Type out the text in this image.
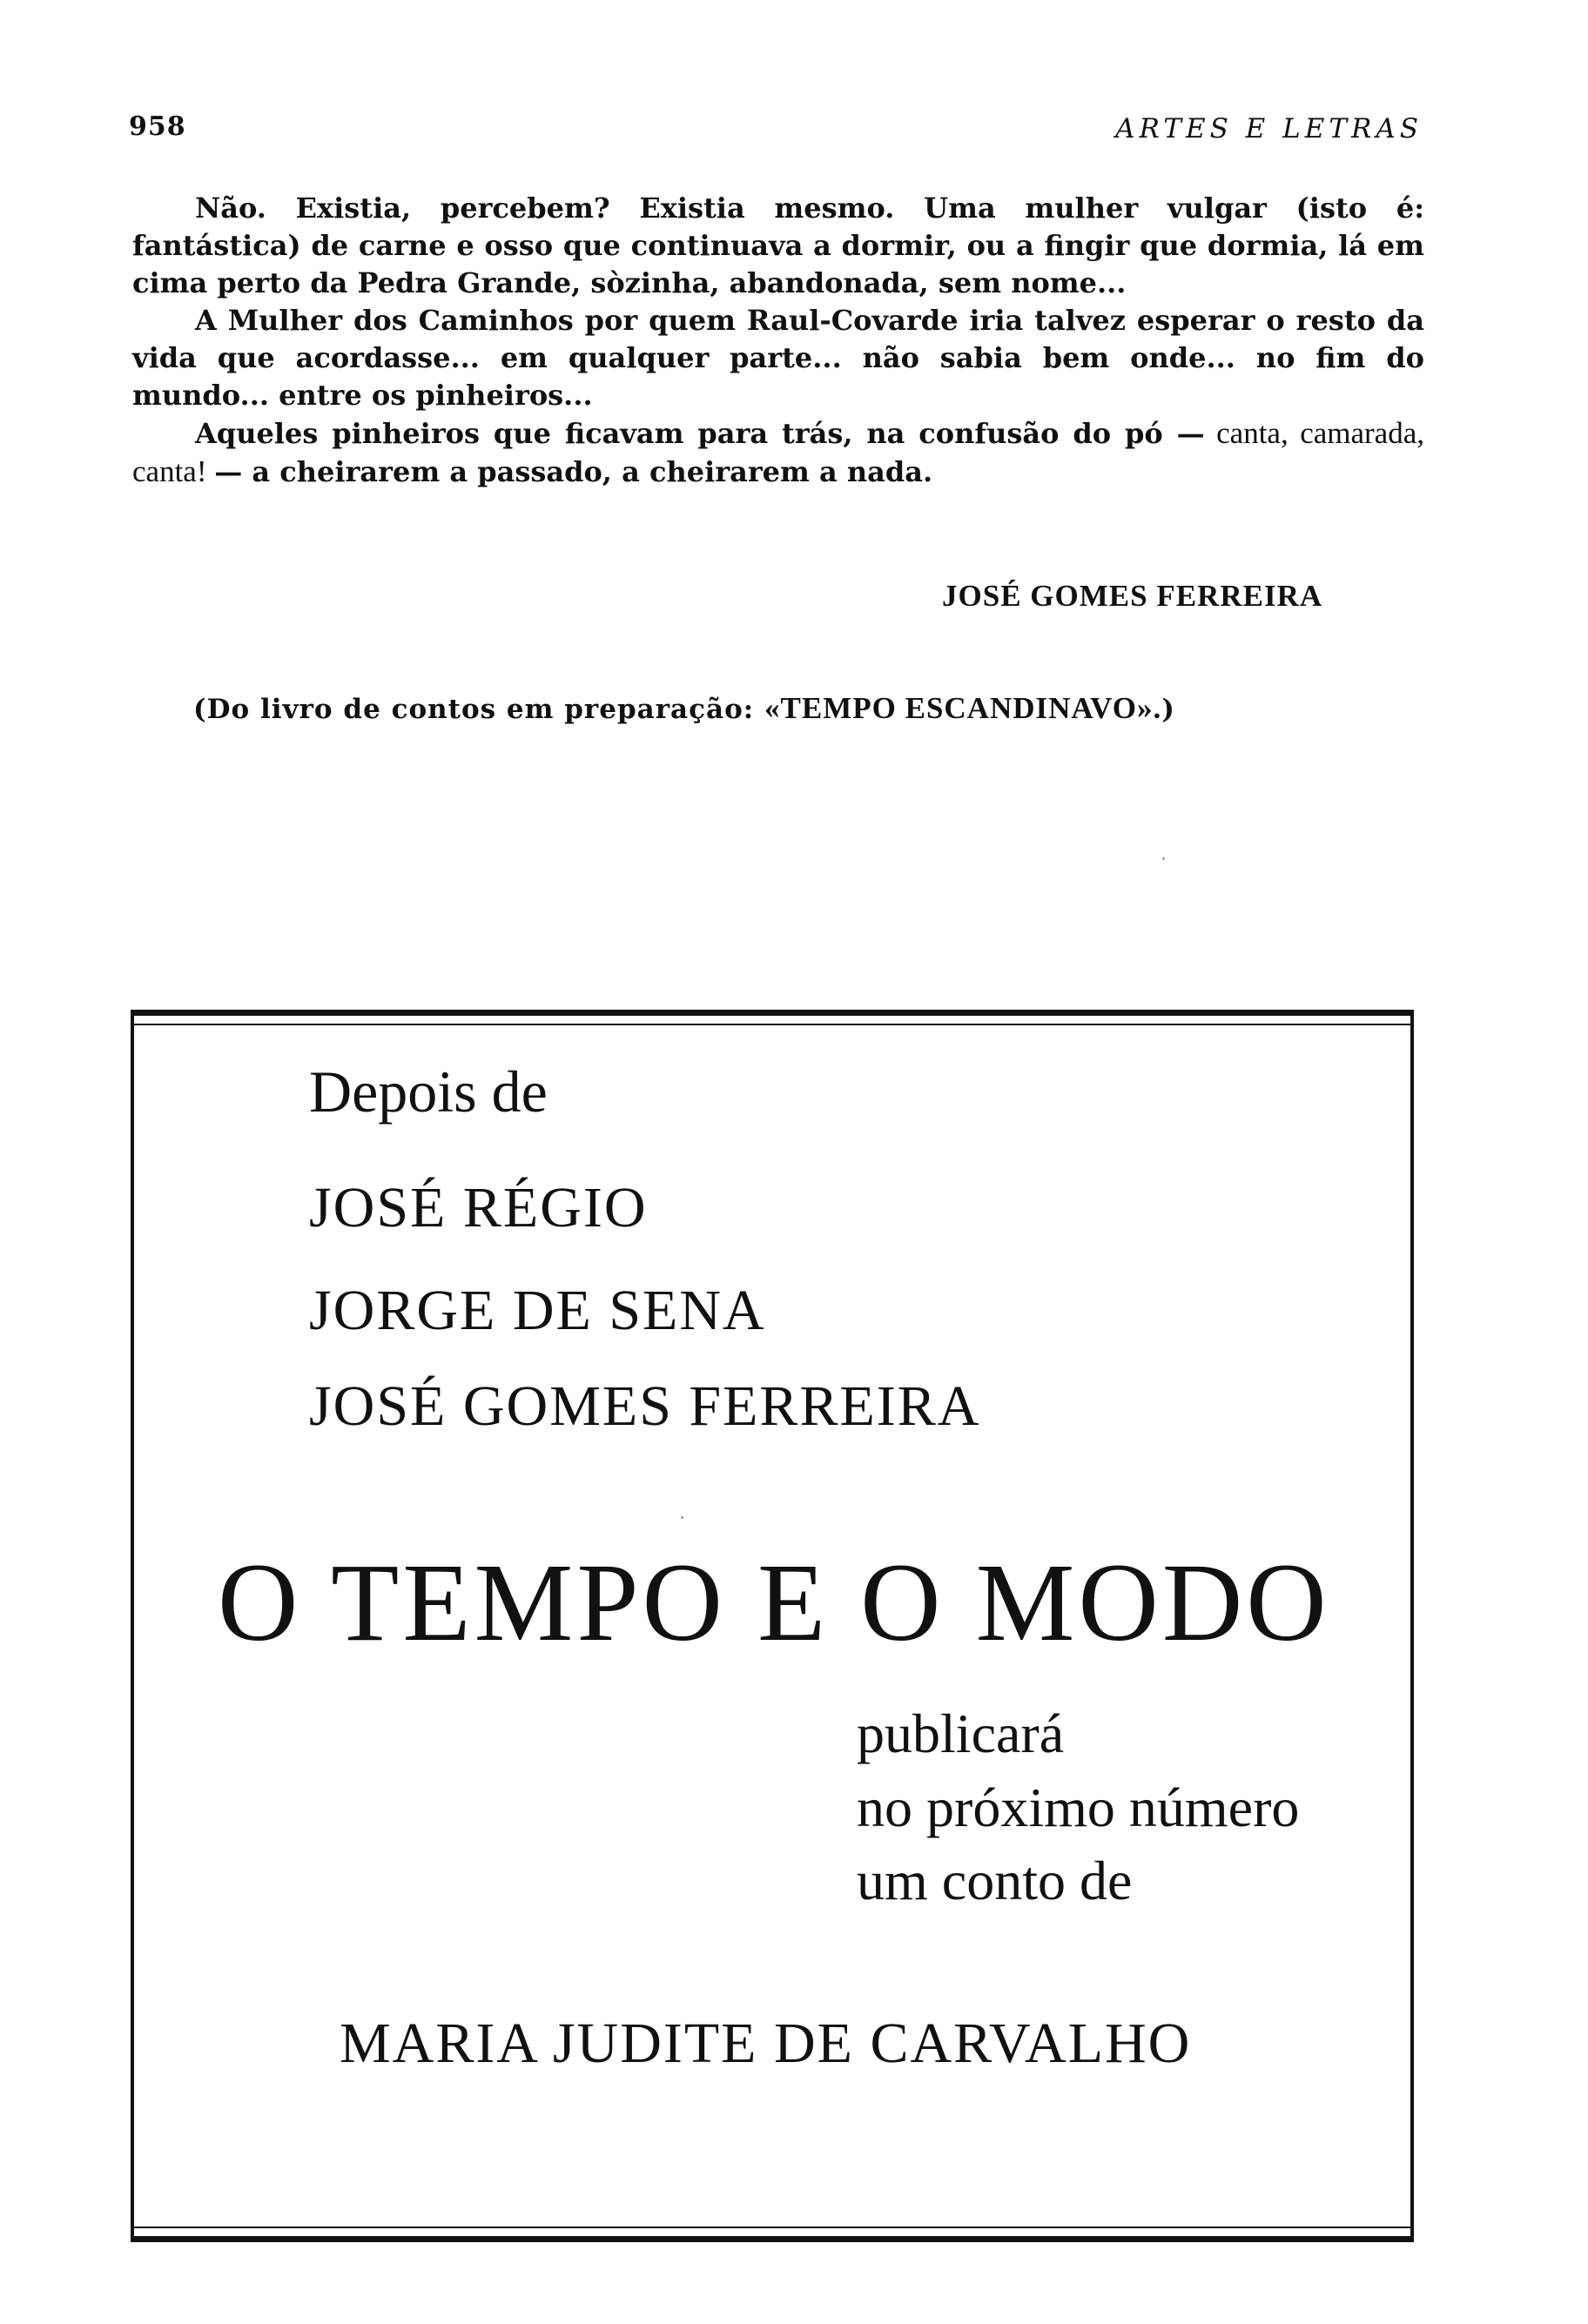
958	ARTES E LETRAS

Não. Existia, percebem? Existia mesmo. Uma mulher vulgar (isto é: fantástica) de carne e osso que continuava a dormir, ou a fingir que dormia, lá em cima perto da Pedra Grande, sòzinha, abandonada, sem nome...

A Mulher dos Caminhos por quem Raul-Covarde iria talvez esperar o resto da vida que acordasse... em qualquer parte... não sabia bem onde... no fim do mundo... entre os pinheiros...

Aqueles pinheiros que ficavam para trás, na confusão do pó — canta, camarada, canta! — a cheirarem a passado, a cheirarem a nada.

JOSÉ GOMES FERREIRA
(Do livro de contos em preparação: «TEMPO ESCANDINAVO».)
Depois de
JOSÉ RÉGIO
JORGE DE SENA
JOSÉ GOMES FERREIRA
O TEMPO E O MODO
publicará
no próximo número
um conto de
MARIA JUDITE DE CARVALHO
